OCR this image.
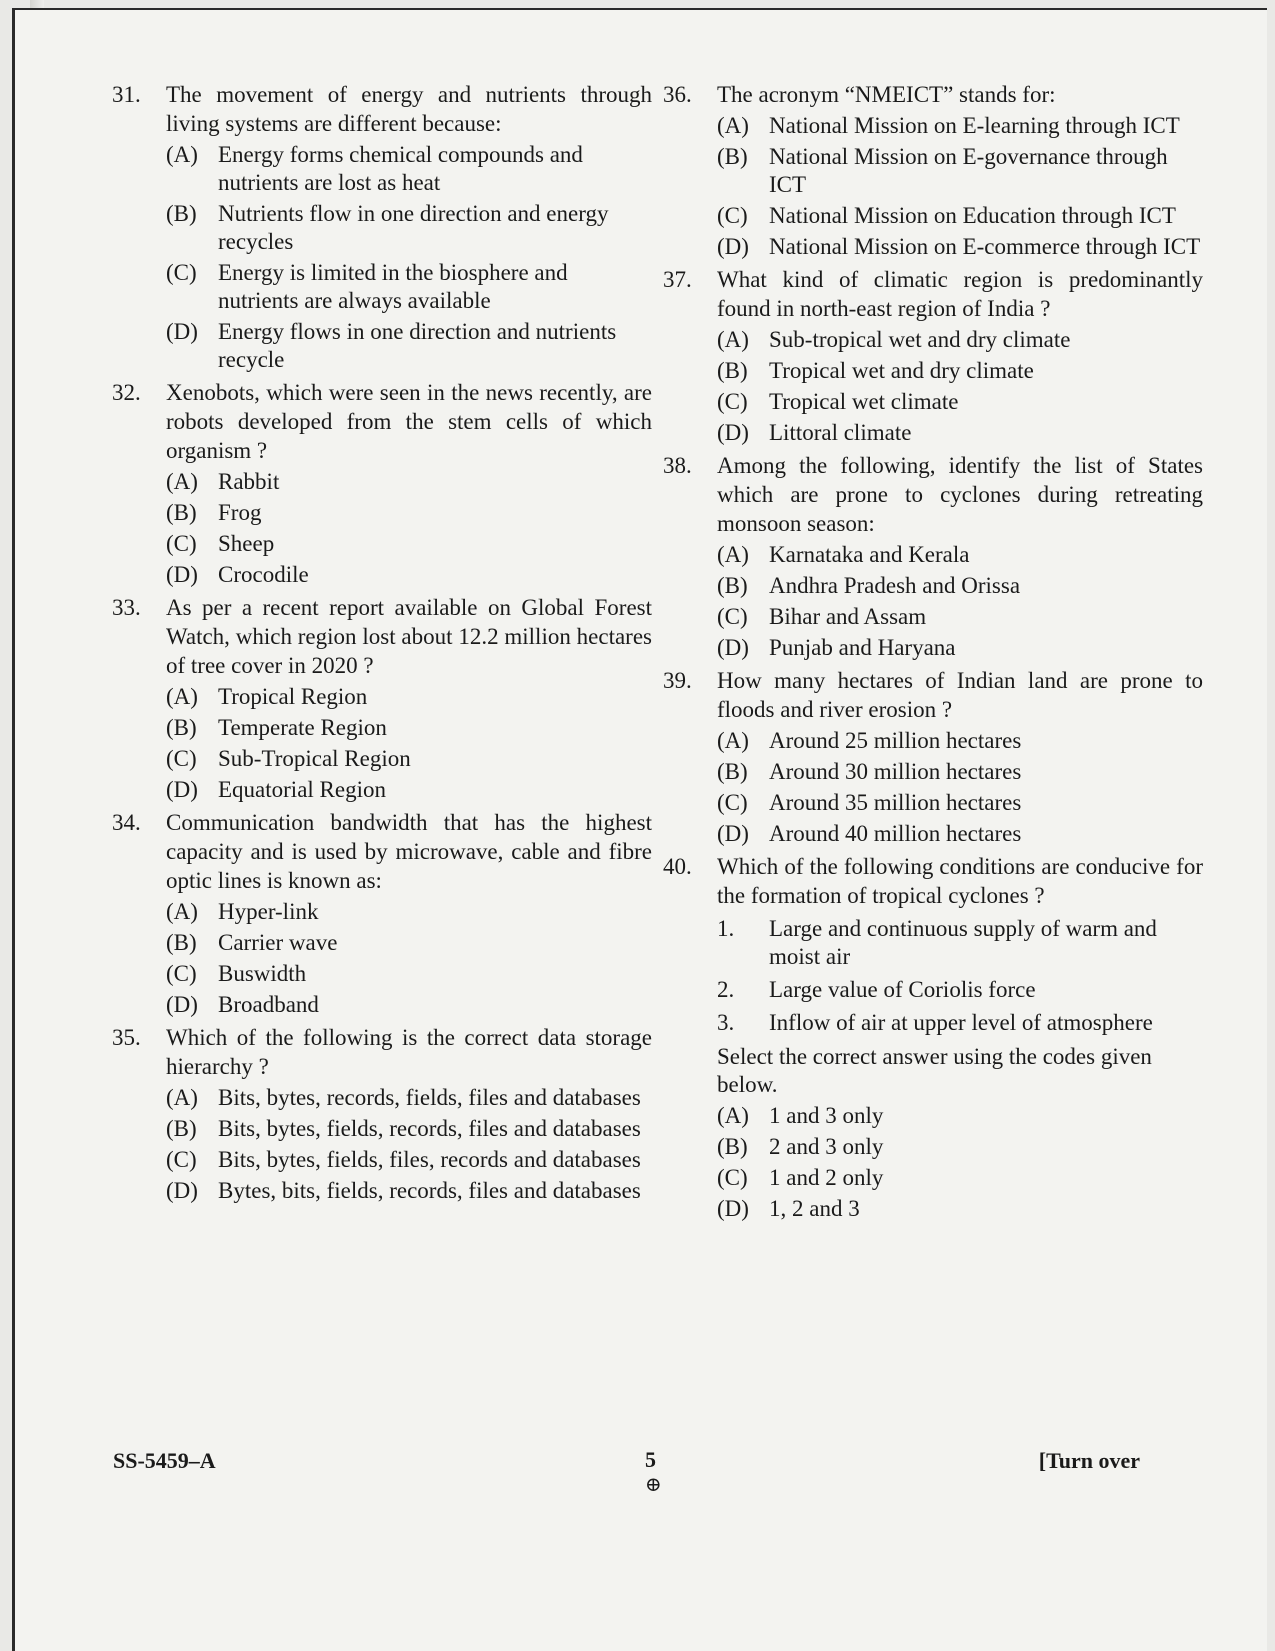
31. The movement of energy and nutrients through living systems are different because:
(A) Energy forms chemical compounds and nutrients are lost as heat
(B) Nutrients flow in one direction and energy recycles
(C) Energy is limited in the biosphere and nutrients are always available
(D) Energy flows in one direction and nutrients recycle
32. Xenobots, which were seen in the news recently, are robots developed from the stem cells of which organism ?
(A) Rabbit
(B) Frog
(C) Sheep
(D) Crocodile
33. As per a recent report available on Global Forest Watch, which region lost about 12.2 million hectares of tree cover in 2020 ?
(A) Tropical Region
(B) Temperate Region
(C) Sub-Tropical Region
(D) Equatorial Region
34. Communication bandwidth that has the highest capacity and is used by microwave, cable and fibre optic lines is known as:
(A) Hyper-link
(B) Carrier wave
(C) Buswidth
(D) Broadband
35. Which of the following is the correct data storage hierarchy ?
(A) Bits, bytes, records, fields, files and databases
(B) Bits, bytes, fields, records, files and databases
(C) Bits, bytes, fields, files, records and databases
(D) Bytes, bits, fields, records, files and databases
36. The acronym “NMEICT” stands for:
(A) National Mission on E-learning through ICT
(B) National Mission on E-governance through ICT
(C) National Mission on Education through ICT
(D) National Mission on E-commerce through ICT
37. What kind of climatic region is predominantly found in north-east region of India ?
(A) Sub-tropical wet and dry climate
(B) Tropical wet and dry climate
(C) Tropical wet climate
(D) Littoral climate
38. Among the following, identify the list of States which are prone to cyclones during retreating monsoon season:
(A) Karnataka and Kerala
(B) Andhra Pradesh and Orissa
(C) Bihar and Assam
(D) Punjab and Haryana
39. How many hectares of Indian land are prone to floods and river erosion ?
(A) Around 25 million hectares
(B) Around 30 million hectares
(C) Around 35 million hectares
(D) Around 40 million hectares
40. Which of the following conditions are conducive for the formation of tropical cyclones ?
1. Large and continuous supply of warm and moist air
2. Large value of Coriolis force
3. Inflow of air at upper level of atmosphere
Select the correct answer using the codes given below.
(A) 1 and 3 only
(B) 2 and 3 only
(C) 1 and 2 only
(D) 1, 2 and 3
SS-5459–A	5
⊕
[Turn over
